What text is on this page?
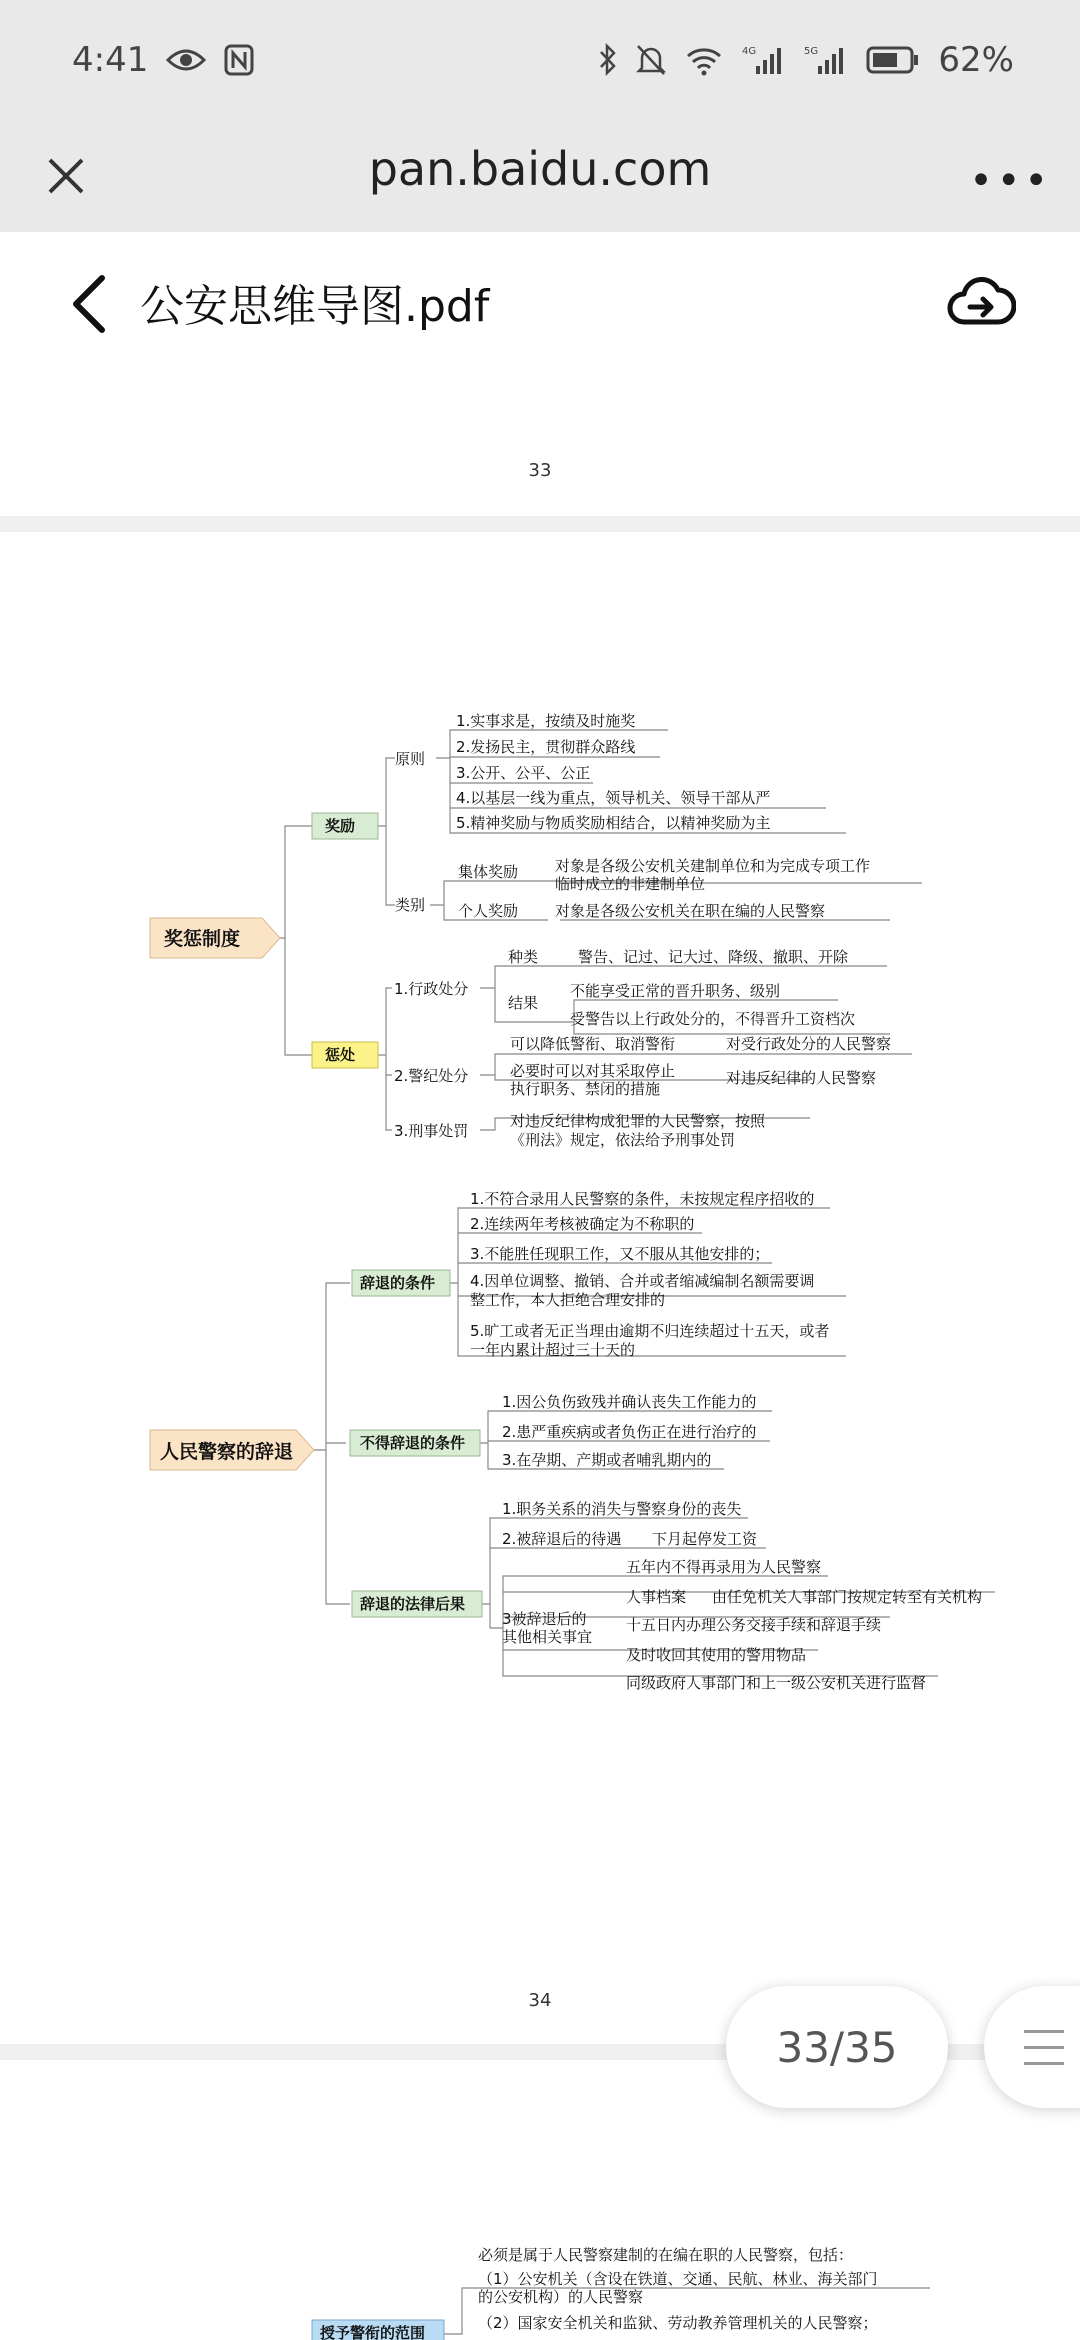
4:41	4G	5G	62%
pan.baidu.com	•••
公安思维导图.pdf
33
34
奖惩制度
奖励
原则
1.实事求是，按绩及时施奖
2.发扬民主，贯彻群众路线
3.公开、公平、公正
4.以基层一线为重点，领导机关、领导干部从严
5.精神奖励与物质奖励相结合，以精神奖励为主
类别
集体奖励 对象是各级公安机关建制单位和为完成专项工作
临时成立的非建制单位
个人奖励 对象是各级公安机关在职在编的人民警察
惩处
1.行政处分
种类	警告、记过、记大过、降级、撤职、开除
结果
不能享受正常的晋升职务、级别
受警告以上行政处分的，不得晋升工资档次
2.警纪处分
可以降低警衔、取消警衔	对受行政处分的人民警察
必要时可以对其采取停止
执行职务、禁闭的措施
对违反纪律的人民警察
3.刑事处罚
对违反纪律构成犯罪的人民警察，按照
《刑法》规定，依法给予刑事处罚
人民警察的辞退
辞退的条件
1.不符合录用人民警察的条件，未按规定程序招收的
2.连续两年考核被确定为不称职的
3.不能胜任现职工作，又不服从其他安排的；
4.因单位调整、撤销、合并或者缩减编制名额需要调
整工作，本人拒绝合理安排的
5.旷工或者无正当理由逾期不归连续超过十五天，或者
一年内累计超过三十天的
不得辞退的条件
1.因公负伤致残并确认丧失工作能力的
2.患严重疾病或者负伤正在进行治疗的
3.在孕期、产期或者哺乳期内的
辞退的法律后果
1.职务关系的消失与警察身份的丧失
2.被辞退后的待遇 下月起停发工资
3被辞退后的
其他相关事宜
五年内不得再录用为人民警察
人事档案 由任免机关人事部门按规定转至有关机构
十五日内办理公务交接手续和辞退手续
及时收回其使用的警用物品
同级政府人事部门和上一级公安机关进行监督
必须是属于人民警察建制的在编在职的人民警察，包括：
（1）公安机关（含设在铁道、交通、民航、林业、海关部门
的公安机构）的人民警察
（2）国家安全机关和监狱、劳动教养管理机关的人民警察；
授予警衔的范围
33/35
